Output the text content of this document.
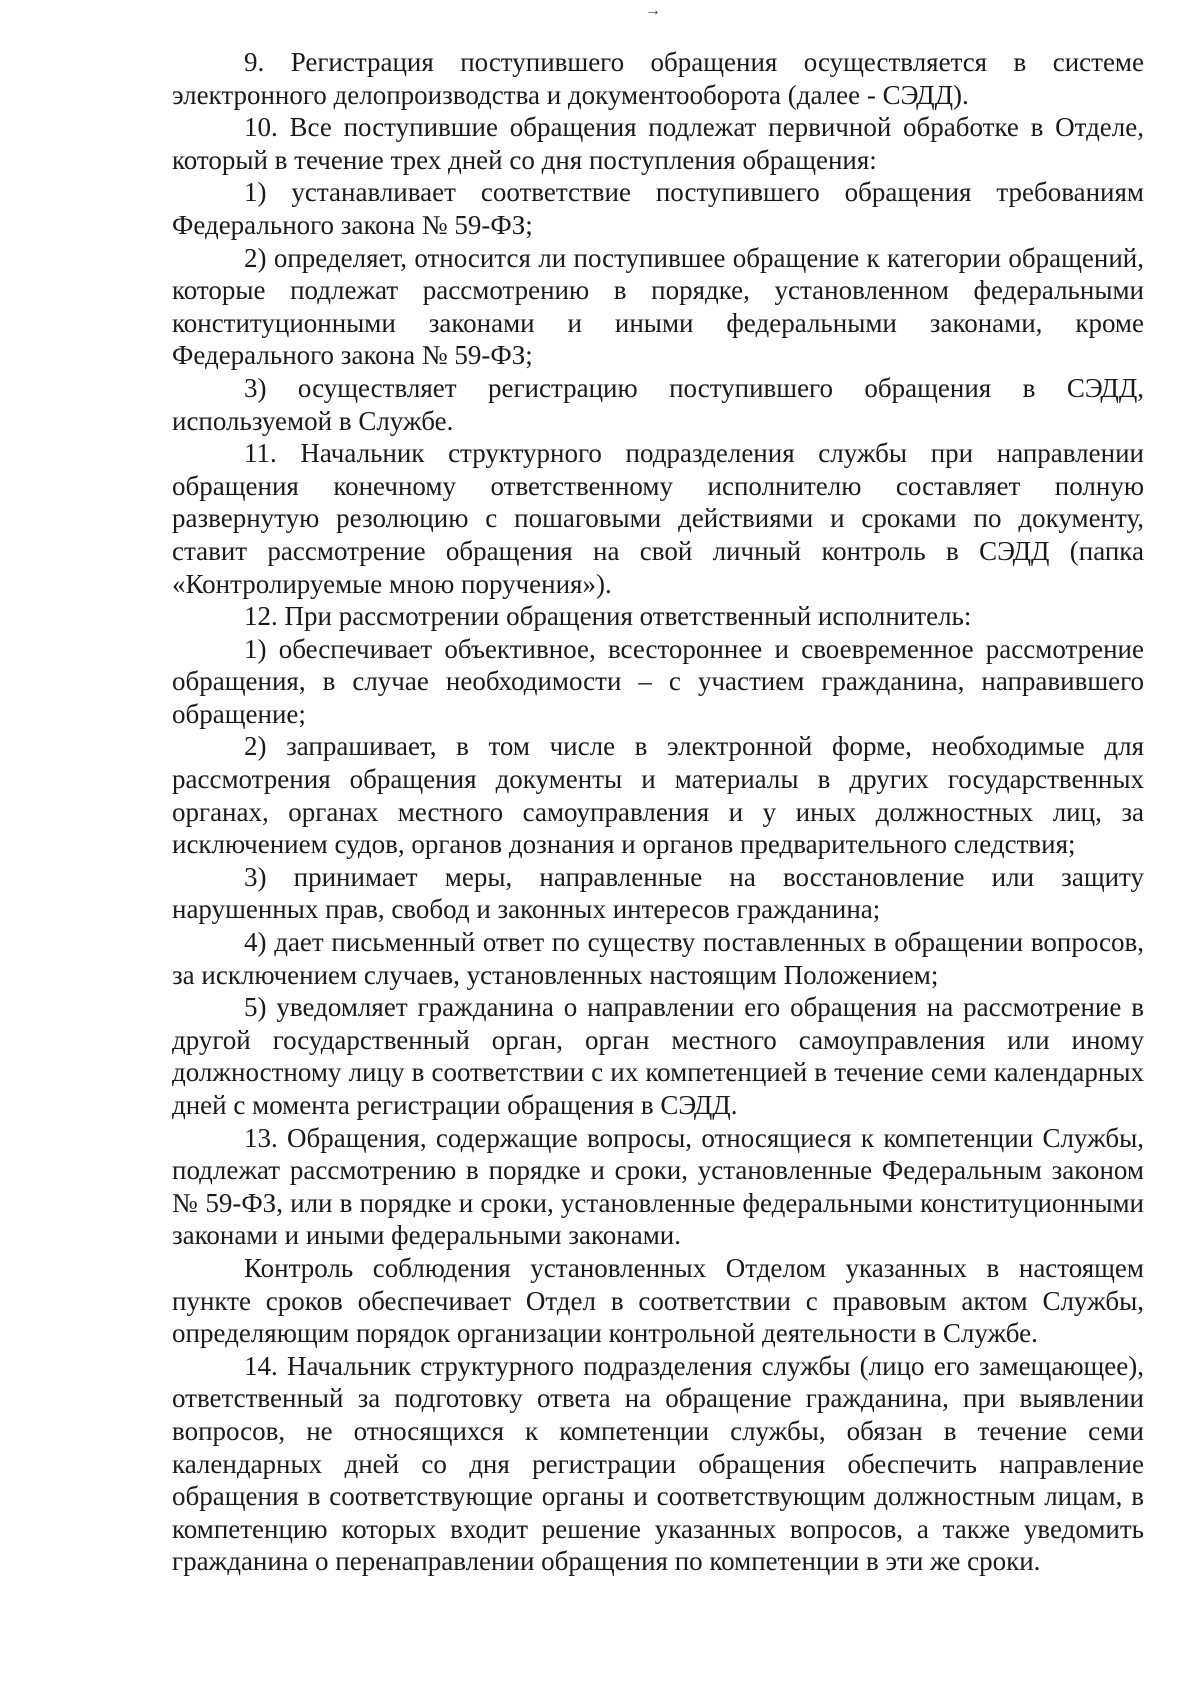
→

9. Регистрация поступившего обращения осуществляется в системе электронного делопроизводства и документооборота (далее - СЭДД).

10. Все поступившие обращения подлежат первичной обработке в Отделе, который в течение трех дней со дня поступления обращения:

1) устанавливает соответствие поступившего обращения требованиям Федерального закона № 59-ФЗ;

2) определяет, относится ли поступившее обращение к категории обращений, которые подлежат рассмотрению в порядке, установленном федеральными конституционными законами и иными федеральными законами, кроме Федерального закона № 59-ФЗ;

3) осуществляет регистрацию поступившего обращения в СЭДД, используемой в Службе.

11. Начальник структурного подразделения службы при направлении обращения конечному ответственному исполнителю составляет полную развернутую резолюцию с пошаговыми действиями и сроками по документу, ставит рассмотрение обращения на свой личный контроль в СЭДД (папка «Контролируемые мною поручения»).

12. При рассмотрении обращения ответственный исполнитель:

1) обеспечивает объективное, всестороннее и своевременное рассмотрение обращения, в случае необходимости – с участием гражданина, направившего обращение;

2) запрашивает, в том числе в электронной форме, необходимые для рассмотрения обращения документы и материалы в других государственных органах, органах местного самоуправления и у иных должностных лиц, за исключением судов, органов дознания и органов предварительного следствия;

3) принимает меры, направленные на восстановление или защиту нарушенных прав, свобод и законных интересов гражданина;

4) дает письменный ответ по существу поставленных в обращении вопросов, за исключением случаев, установленных настоящим Положением;

5) уведомляет гражданина о направлении его обращения на рассмотрение в другой государственный орган, орган местного самоуправления или иному должностному лицу в соответствии с их компетенцией в течение семи календарных дней с момента регистрации обращения в СЭДД.

13. Обращения, содержащие вопросы, относящиеся к компетенции Службы, подлежат рассмотрению в порядке и сроки, установленные Федеральным законом № 59-ФЗ, или в порядке и сроки, установленные федеральными конституционными законами и иными федеральными законами.

Контроль соблюдения установленных Отделом указанных в настоящем пункте сроков обеспечивает Отдел в соответствии с правовым актом Службы, определяющим порядок организации контрольной деятельности в Службе.

14. Начальник структурного подразделения службы (лицо его замещающее), ответственный за подготовку ответа на обращение гражданина, при выявлении вопросов, не относящихся к компетенции службы, обязан в течение семи календарных дней со дня регистрации обращения обеспечить направление обращения в соответствующие органы и соответствующим должностным лицам, в компетенцию которых входит решение указанных вопросов, а также уведомить гражданина о перенаправлении обращения по компетенции в эти же сроки.
